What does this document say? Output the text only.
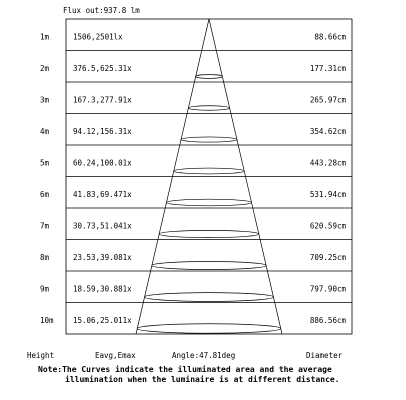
Flux out:937.8 lm
1m	1506,2501lx	88.66cm
2m	376.5,625.31x	177.31cm
3m	167.3,277.91x	265.97cm
4m	94.12,156.31x	354.62cm
5m	60.24,100.01x	443.28cm
6m	41.83,69.471x	531.94cm
7m	30.73,51.041x	620.59cm
8m	23.53,39.081x	709.25cm
9m	18.59,30.881x	797.90cm
10m	15.06,25.011x	886.56cm
Height	Eavg,Emax	Angle:47.81deg	Diameter
Note:The Curves indicate the illuminated area and the average
illumination when the luminaire is at different distance.
